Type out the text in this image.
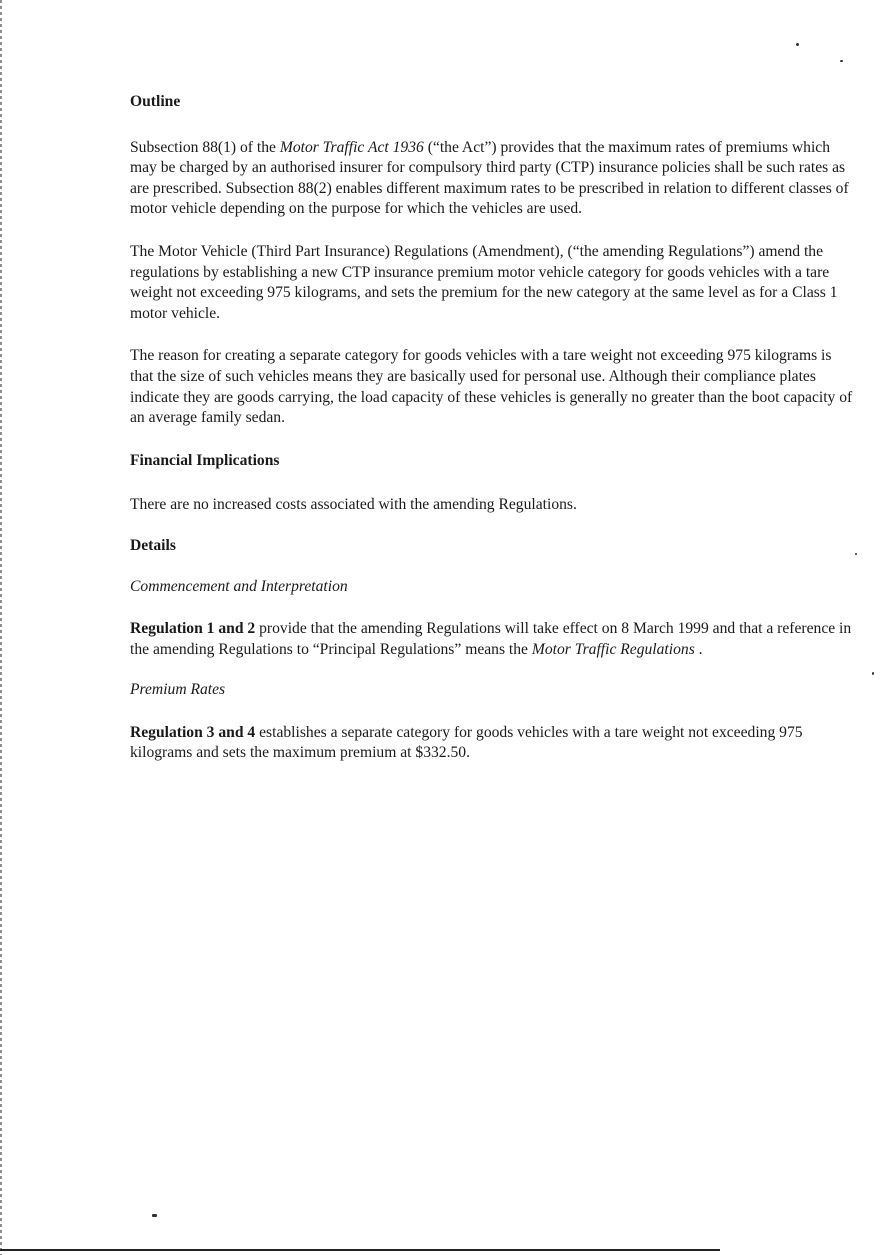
Outline

Subsection 88(1) of the Motor Traffic Act 1936 (“the Act”) provides that the maximum rates of premiums which may be charged by an authorised insurer for compulsory third party (CTP) insurance policies shall be such rates as are prescribed. Subsection 88(2) enables different maximum rates to be prescribed in relation to different classes of motor vehicle depending on the purpose for which the vehicles are used.

The Motor Vehicle (Third Part Insurance) Regulations (Amendment), (“the amending Regulations”) amend the regulations by establishing a new CTP insurance premium motor vehicle category for goods vehicles with a tare weight not exceeding 975 kilograms, and sets the premium for the new category at the same level as for a Class 1 motor vehicle.

The reason for creating a separate category for goods vehicles with a tare weight not exceeding 975 kilograms is that the size of such vehicles means they are basically used for personal use. Although their compliance plates indicate they are goods carrying, the load capacity of these vehicles is generally no greater than the boot capacity of an average family sedan.

Financial Implications

There are no increased costs associated with the amending Regulations.

Details
Commencement and Interpretation

Regulation 1 and 2 provide that the amending Regulations will take effect on 8 March 1999 and that a reference in the amending Regulations to “Principal Regulations” means the Motor Traffic Regulations .

Premium Rates

Regulation 3 and 4 establishes a separate category for goods vehicles with a tare weight not exceeding 975 kilograms and sets the maximum premium at $332.50.
